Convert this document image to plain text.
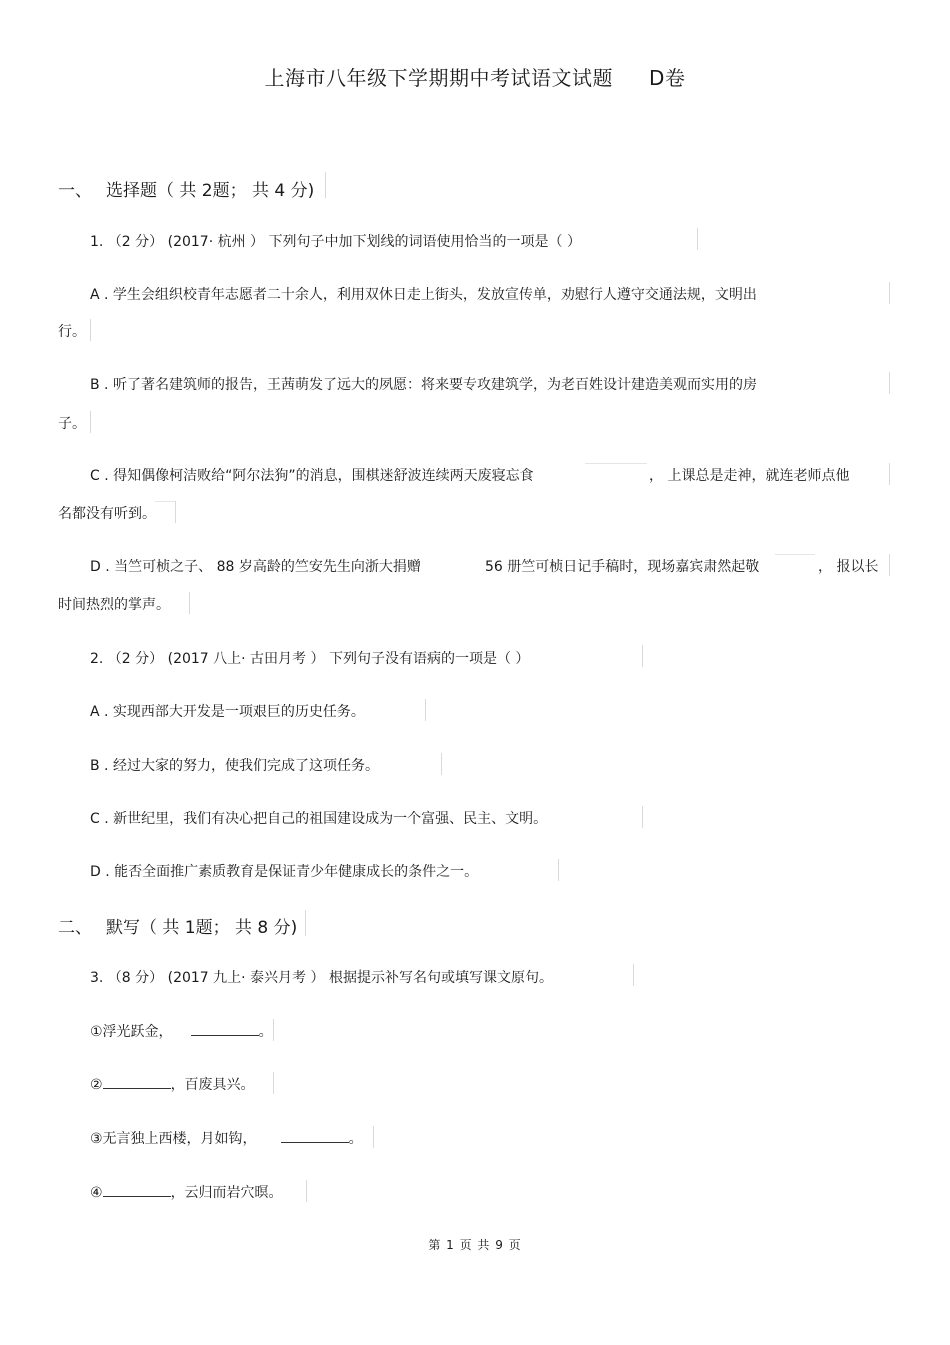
上海市八年级下学期期中考试语文试题 D卷
一、 选择题（ 共 2题； 共 4 分)
1. （2 分） (2017· 杭州 ） 下列句子中加下划线的词语使用恰当的一项是（ ）
A . 学生会组织校青年志愿者二十余人，利用双休日走上街头，发放宣传单，劝慰行人遵守交通法规，文明出
行。
B . 听了著名建筑师的报告，王茜萌发了远大的夙愿：将来要专攻建筑学，为老百姓设计建造美观而实用的房
子。
C . 得知偶像柯洁败给“阿尔法狗”的消息，围棋迷舒波连续两天废寝忘食	， 上课总是走神，就连老师点他
名都没有听到。
D . 当竺可桢之子、 88 岁高龄的竺安先生向浙大捐赠	56 册竺可桢日记手稿时，现场嘉宾肃然起敬	， 报以长
时间热烈的掌声。
2. （2 分） (2017 八上· 古田月考 ） 下列句子没有语病的一项是（ ）
A . 实现西部大开发是一项艰巨的历史任务。
B . 经过大家的努力，使我们完成了这项任务。
C . 新世纪里，我们有决心把自己的祖国建设成为一个富强、民主、文明。
D . 能否全面推广素质教育是保证青少年健康成长的条件之一。
二、 默写（ 共 1题； 共 8 分)
3. （8 分） (2017 九上· 泰兴月考 ） 根据提示补写名句或填写课文原句。
①浮光跃金，	。
②	，百废具兴。
③无言独上西楼，月如钩，	。
④	，云归而岩穴暝。
第 1 页 共 9 页
